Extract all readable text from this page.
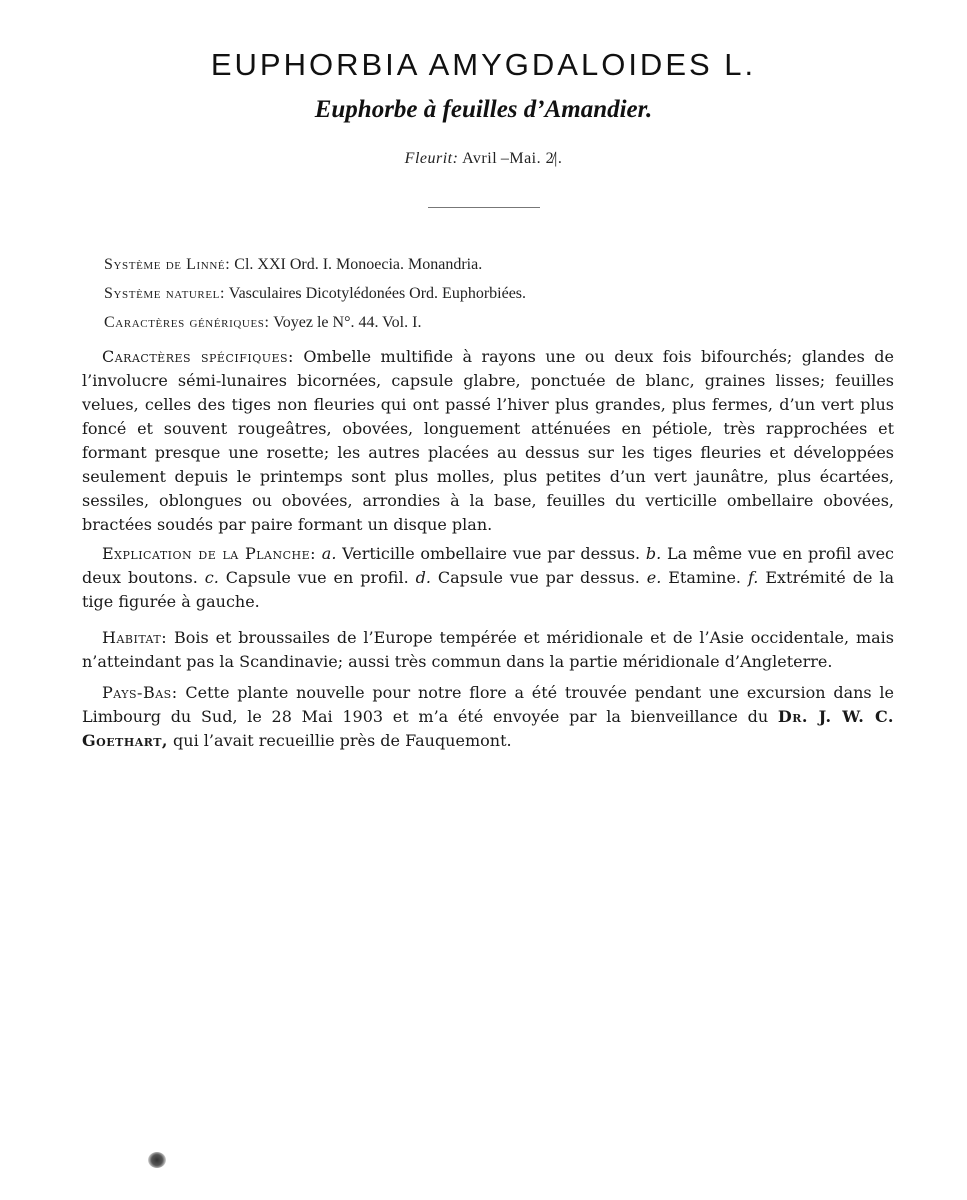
EUPHORBIA AMYGDALOIDES L.
Euphorbe à feuilles d’Amandier.
Fleurit: Avril –Mai. 2̸|.
Système de Linné: Cl. XXI Ord. I. Monoecia. Monandria.
Système naturel: Vasculaires Dicotylédonées Ord. Euphorbiées.
Caractères génériques: Voyez le N°. 44. Vol. I.

Caractères spécifiques: Ombelle multifide à rayons une ou deux fois bifourchés; glandes de l’involucre sémi-lunaires bicornées, capsule glabre, ponctuée de blanc, graines lisses; feuilles velues, celles des tiges non fleuries qui ont passé l’hiver plus grandes, plus fermes, d’un vert plus foncé et souvent rougeâtres, obovées, longuement atténuées en pétiole, très rapprochées et formant presque une rosette; les autres placées au dessus sur les tiges fleuries et développées seulement depuis le printemps sont plus molles, plus petites d’un vert jaunâtre, plus écartées, sessiles, oblongues ou obovées, arrondies à la base, feuilles du verticille ombellaire obovées, bractées soudés par paire formant un disque plan.

Explication de la Planche: a. Verticille ombellaire vue par dessus. b. La même vue en profil avec deux boutons. c. Capsule vue en profil. d. Capsule vue par dessus. e. Etamine. f. Extrémité de la tige figurée à gauche.

Habitat: Bois et broussailes de l’Europe tempérée et méridionale et de l’Asie occidentale, mais n’atteindant pas la Scandinavie; aussi très commun dans la partie méridionale d’Angleterre.

Pays-Bas: Cette plante nouvelle pour notre flore a été trouvée pendant une excursion dans le Limbourg du Sud, le 28 Mai 1903 et m’a été envoyée par la bienveillance du Dr. J. W. C. Goethart, qui l’avait recueillie près de Fauquemont.
